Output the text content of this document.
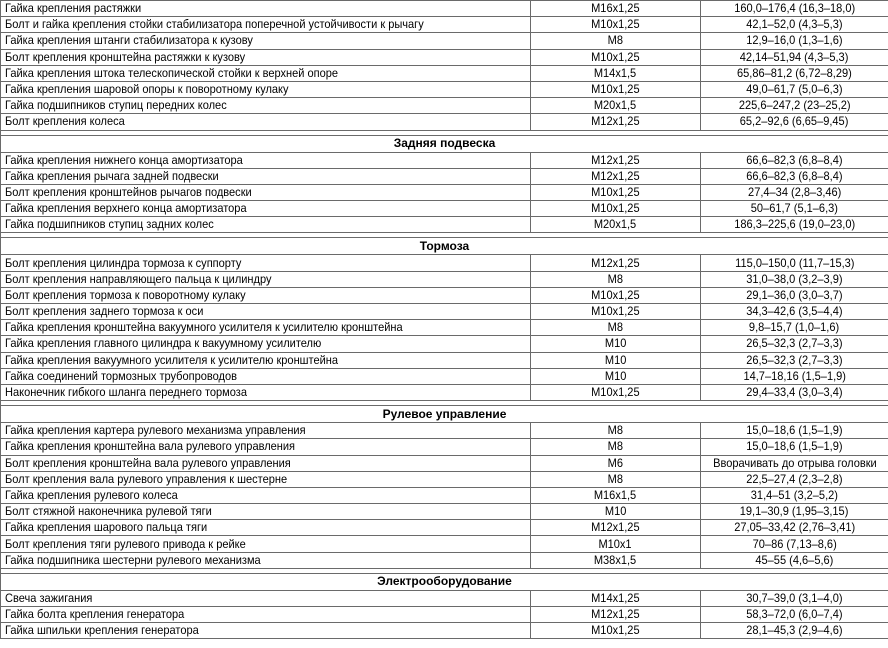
Гайка крепления растяжки	M16x1,25	160,0–176,4 (16,3–18,0)
Болт и гайка крепления стойки стабилизатора поперечной устойчивости к рычагу	M10x1,25	42,1–52,0 (4,3–5,3)
Гайка крепления штанги стабилизатора к кузову	M8	12,9–16,0 (1,3–1,6)
Болт крепления кронштейна растяжки к кузову	M10x1,25	42,14–51,94 (4,3–5,3)
Гайка крепления штока телескопической стойки к верхней опоре	M14x1,5	65,86–81,2 (6,72–8,29)
Гайка крепления шаровой опоры к поворотному кулаку	M10x1,25	49,0–61,7 (5,0–6,3)
Гайка подшипников ступиц передних колес	M20x1,5	225,6–247,2 (23–25,2)
Болт крепления колеса	M12x1,25	65,2–92,6 (6,65–9,45)

Задняя подвеска		
Гайка крепления нижнего конца амортизатора	M12x1,25	66,6–82,3 (6,8–8,4)
Гайка крепления рычага задней подвески	M12x1,25	66,6–82,3 (6,8–8,4)
Болт крепления кронштейнов рычагов подвески	M10x1,25	27,4–34 (2,8–3,46)
Гайка крепления верхнего конца амортизатора	M10x1,25	50–61,7 (5,1–6,3)
Гайка подшипников ступиц задних колес	M20x1,5	186,3–225,6 (19,0–23,0)

Тормоза		
Болт крепления цилиндра тормоза к суппорту	M12x1,25	115,0–150,0 (11,7–15,3)
Болт крепления направляющего пальца к цилиндру	M8	31,0–38,0 (3,2–3,9)
Болт крепления тормоза к поворотному кулаку	M10x1,25	29,1–36,0 (3,0–3,7)
Болт крепления заднего тормоза к оси	M10x1,25	34,3–42,6 (3,5–4,4)
Гайка крепления кронштейна вакуумного усилителя к усилителю кронштейна	M8	9,8–15,7 (1,0–1,6)
Гайка крепления главного цилиндра к вакуумному усилителю	M10	26,5–32,3 (2,7–3,3)
Гайка крепления вакуумного усилителя к усилителю кронштейна	M10	26,5–32,3 (2,7–3,3)
Гайка соединений тормозных трубопроводов	M10	14,7–18,16 (1,5–1,9)
Наконечник гибкого шланга переднего тормоза	M10x1,25	29,4–33,4 (3,0–3,4)

Рулевое управление		
Гайка крепления картера рулевого механизма управления	M8	15,0–18,6 (1,5–1,9)
Гайка крепления кронштейна вала рулевого управления	M8	15,0–18,6 (1,5–1,9)
Болт крепления кронштейна вала рулевого управления	M6	Вворачивать до отрыва головки
Болт крепления вала рулевого управления к шестерне	M8	22,5–27,4 (2,3–2,8)
Гайка крепления рулевого колеса	M16x1,5	31,4–51 (3,2–5,2)
Болт стяжной наконечника рулевой тяги	M10	19,1–30,9 (1,95–3,15)
Гайка крепления шарового пальца тяги	M12x1,25	27,05–33,42 (2,76–3,41)
Болт крепления тяги рулевого привода к рейке	M10x1	70–86 (7,13–8,6)
Гайка подшипника шестерни рулевого механизма	M38x1,5	45–55 (4,6–5,6)

Электрооборудование		
Свеча зажигания	M14x1,25	30,7–39,0 (3,1–4,0)
Гайка болта крепления генератора	M12x1,25	58,3–72,0 (6,0–7,4)
Гайка шпильки крепления генератора	M10x1,25	28,1–45,3 (2,9–4,6)
